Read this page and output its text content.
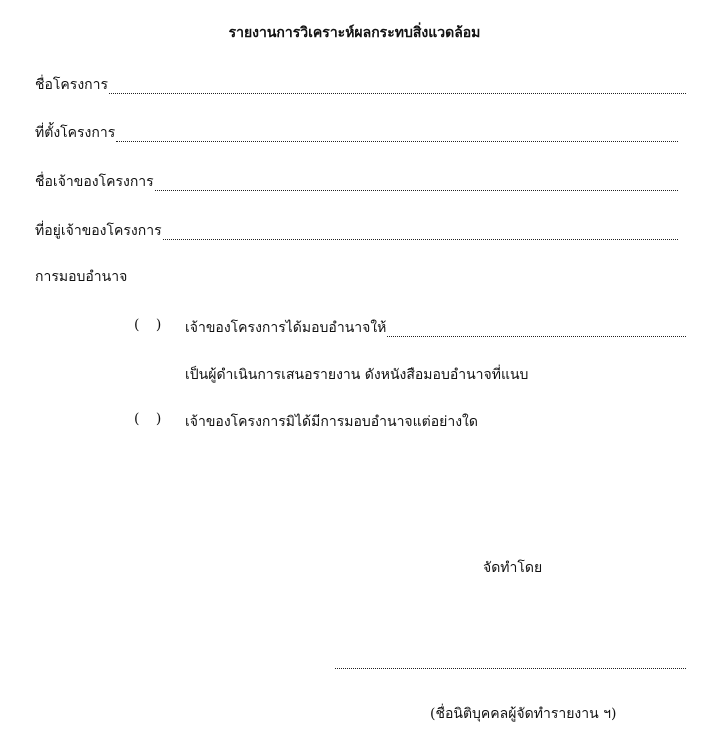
รายงานการวิเคราะห์ผลกระทบสิ่งแวดล้อม
ชื่อโครงการ
ที่ตั้งโครงการ
ชื่อเจ้าของโครงการ
ที่อยู่เจ้าของโครงการ
การมอบอำนาจ
( ) เจ้าของโครงการได้มอบอำนาจให้
เป็นผู้ดำเนินการเสนอรายงาน ดังหนังสือมอบอำนาจที่แนบ
( ) เจ้าของโครงการมิได้มีการมอบอำนาจแต่อย่างใด
จัดทำโดย
(ชื่อนิติบุคคลผู้จัดทำรายงาน ฯ)
